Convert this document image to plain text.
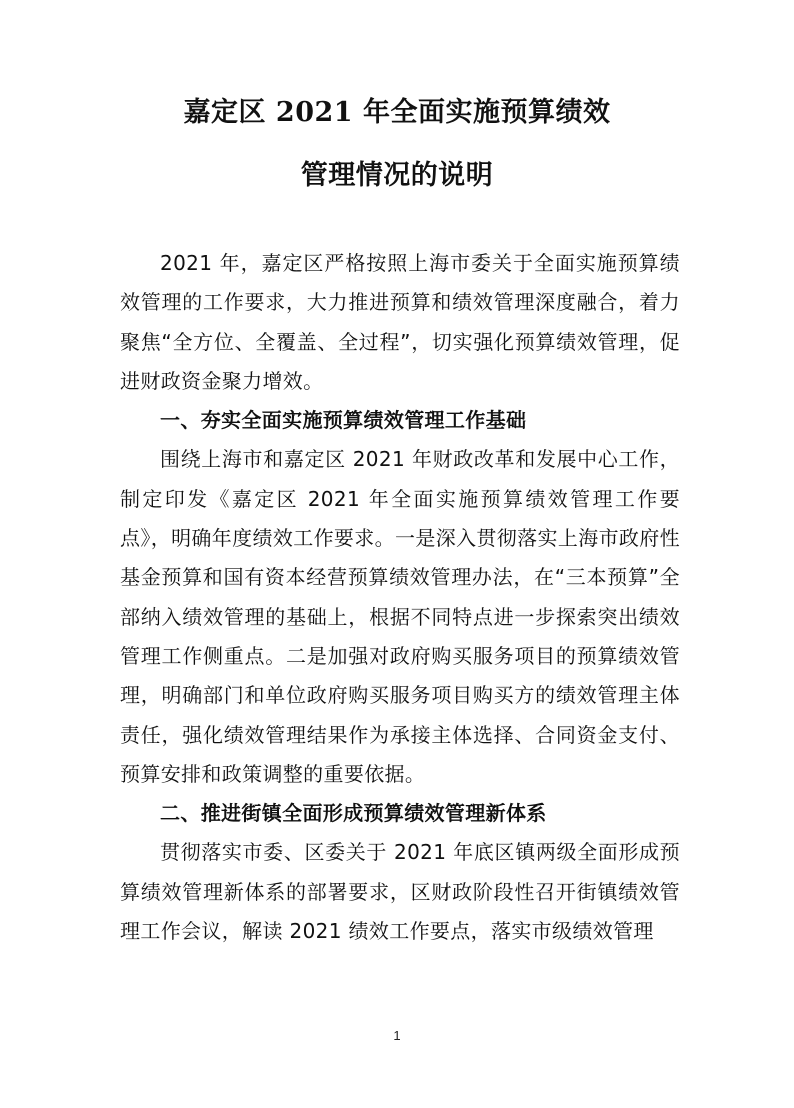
嘉定区 2021 年全面实施预算绩效
管理情况的说明

2021 年，嘉定区严格按照上海市委关于全面实施预算绩效管理的工作要求，大力推进预算和绩效管理深度融合，着力聚焦“全方位、全覆盖、全过程”，切实强化预算绩效管理，促进财政资金聚力增效。

一、夯实全面实施预算绩效管理工作基础

围绕上海市和嘉定区 2021 年财政改革和发展中心工作，制定印发《嘉定区 2021 年全面实施预算绩效管理工作要点》，明确年度绩效工作要求。一是深入贯彻落实上海市政府性基金预算和国有资本经营预算绩效管理办法，在“三本预算”全部纳入绩效管理的基础上，根据不同特点进一步探索突出绩效管理工作侧重点。二是加强对政府购买服务项目的预算绩效管理，明确部门和单位政府购买服务项目购买方的绩效管理主体责任，强化绩效管理结果作为承接主体选择、合同资金支付、预算安排和政策调整的重要依据。

二、推进街镇全面形成预算绩效管理新体系

贯彻落实市委、区委关于 2021 年底区镇两级全面形成预算绩效管理新体系的部署要求，区财政阶段性召开街镇绩效管理工作会议，解读 2021 绩效工作要点，落实市级绩效管理

1
